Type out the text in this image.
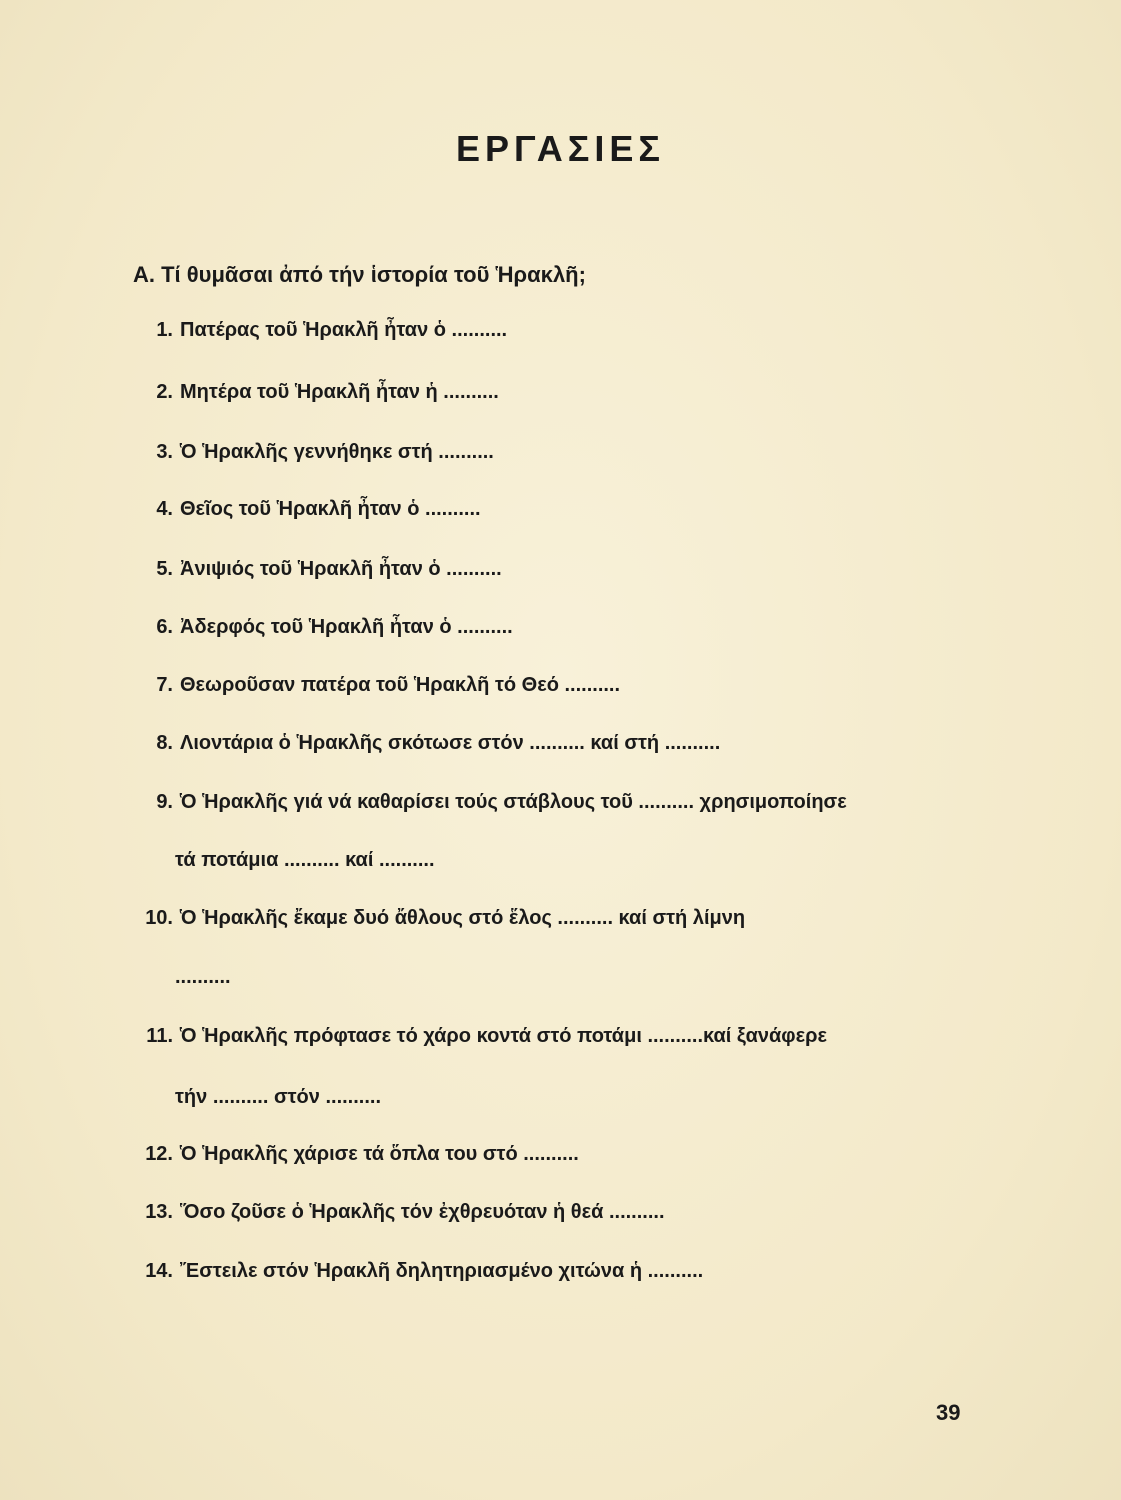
ΕΡΓΑΣΙΕΣ
Α. Τί θυμᾶσαι ἀπό τήν ἱστορία τοῦ Ἡρακλῆ;
1. Πατέρας τοῦ Ἡρακλῆ ἦταν ὁ ..........
2. Μητέρα τοῦ Ἡρακλῆ ἦταν ἡ ..........
3. Ὁ Ἡρακλῆς γεννήθηκε στή ..........
4. Θεῖος τοῦ Ἡρακλῆ ἦταν ὁ ..........
5. Ἀνιψιός τοῦ Ἡρακλῆ ἦταν ὁ ..........
6. Ἀδερφός τοῦ Ἡρακλῆ ἦταν ὁ ..........
7. Θεωροῦσαν πατέρα τοῦ Ἡρακλῆ τό Θεό ..........
8. Λιοντάρια ὁ Ἡρακλῆς σκότωσε στόν .......... καί στή ..........
9. Ὁ Ἡρακλῆς γιά νά καθαρίσει τούς στάβλους τοῦ .......... χρησιμοποίησε
τά ποτάμια .......... καί ..........
10. Ὁ Ἡρακλῆς ἔκαμε δυό ἄθλους στό ἕλος .......... καί στή λίμνη
..........
11. Ὁ Ἡρακλῆς πρόφτασε τό χάρο κοντά στό ποτάμι ..........καί ξανάφερε
τήν .......... στόν ..........
12. Ὁ Ἡρακλῆς χάρισε τά ὅπλα του στό ..........
13. Ὅσο ζοῦσε ὁ Ἡρακλῆς τόν ἐχθρευόταν ἡ θεά ..........
14. Ἔστειλε στόν Ἡρακλῆ δηλητηριασμένο χιτώνα ἡ ..........
39
